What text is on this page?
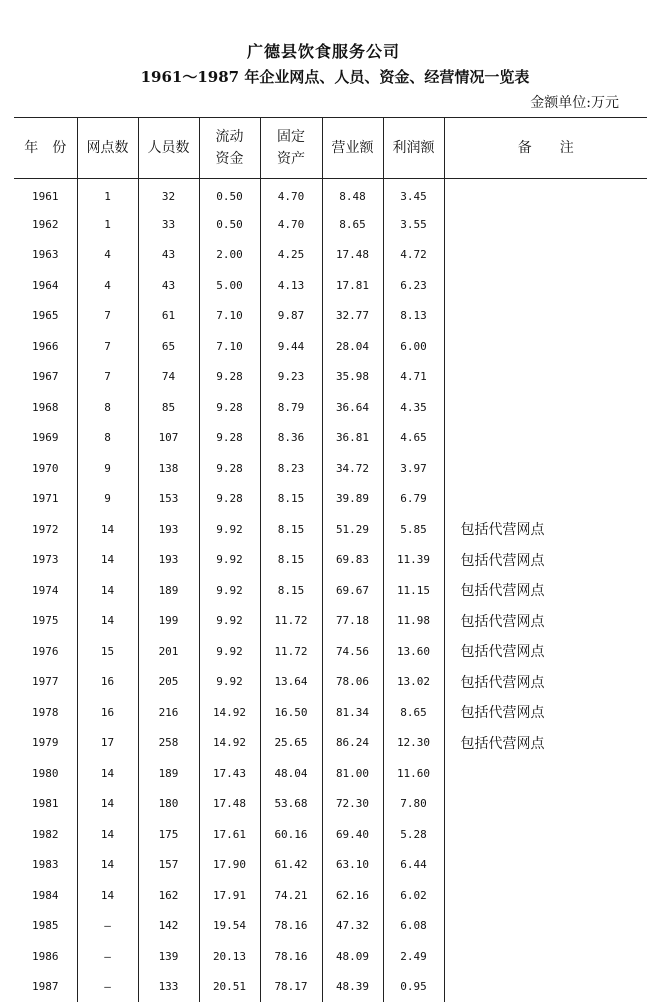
广德县饮食服务公司
1961～1987 年企业网点、人员、资金、经营情况一览表
金额单位:万元
年　份	网点数	人员数	流动资金	固定资产	营业额	利润额	备　　注
1961	1	32	0.50	4.70	8.48	3.45	
1962	1	33	0.50	4.70	8.65	3.55	
1963	4	43	2.00	4.25	17.48	4.72	
1964	4	43	5.00	4.13	17.81	6.23	
1965	7	61	7.10	9.87	32.77	8.13	
1966	7	65	7.10	9.44	28.04	6.00	
1967	7	74	9.28	9.23	35.98	4.71	
1968	8	85	9.28	8.79	36.64	4.35	
1969	8	107	9.28	8.36	36.81	4.65	
1970	9	138	9.28	8.23	34.72	3.97	
1971	9	153	9.28	8.15	39.89	6.79	
1972	14	193	9.92	8.15	51.29	5.85	包括代营网点
1973	14	193	9.92	8.15	69.83	11.39	包括代营网点
1974	14	189	9.92	8.15	69.67	11.15	包括代营网点
1975	14	199	9.92	11.72	77.18	11.98	包括代营网点
1976	15	201	9.92	11.72	74.56	13.60	包括代营网点
1977	16	205	9.92	13.64	78.06	13.02	包括代营网点
1978	16	216	14.92	16.50	81.34	8.65	包括代营网点
1979	17	258	14.92	25.65	86.24	12.30	包括代营网点
1980	14	189	17.43	48.04	81.00	11.60	
1981	14	180	17.48	53.68	72.30	7.80	
1982	14	175	17.61	60.16	69.40	5.28	
1983	14	157	17.90	61.42	63.10	6.44	
1984	14	162	17.91	74.21	62.16	6.02	
1985	—	142	19.54	78.16	47.32	6.08	
1986	—	139	20.13	78.16	48.09	2.49	
1987	—	133	20.51	78.17	48.39	0.95	
